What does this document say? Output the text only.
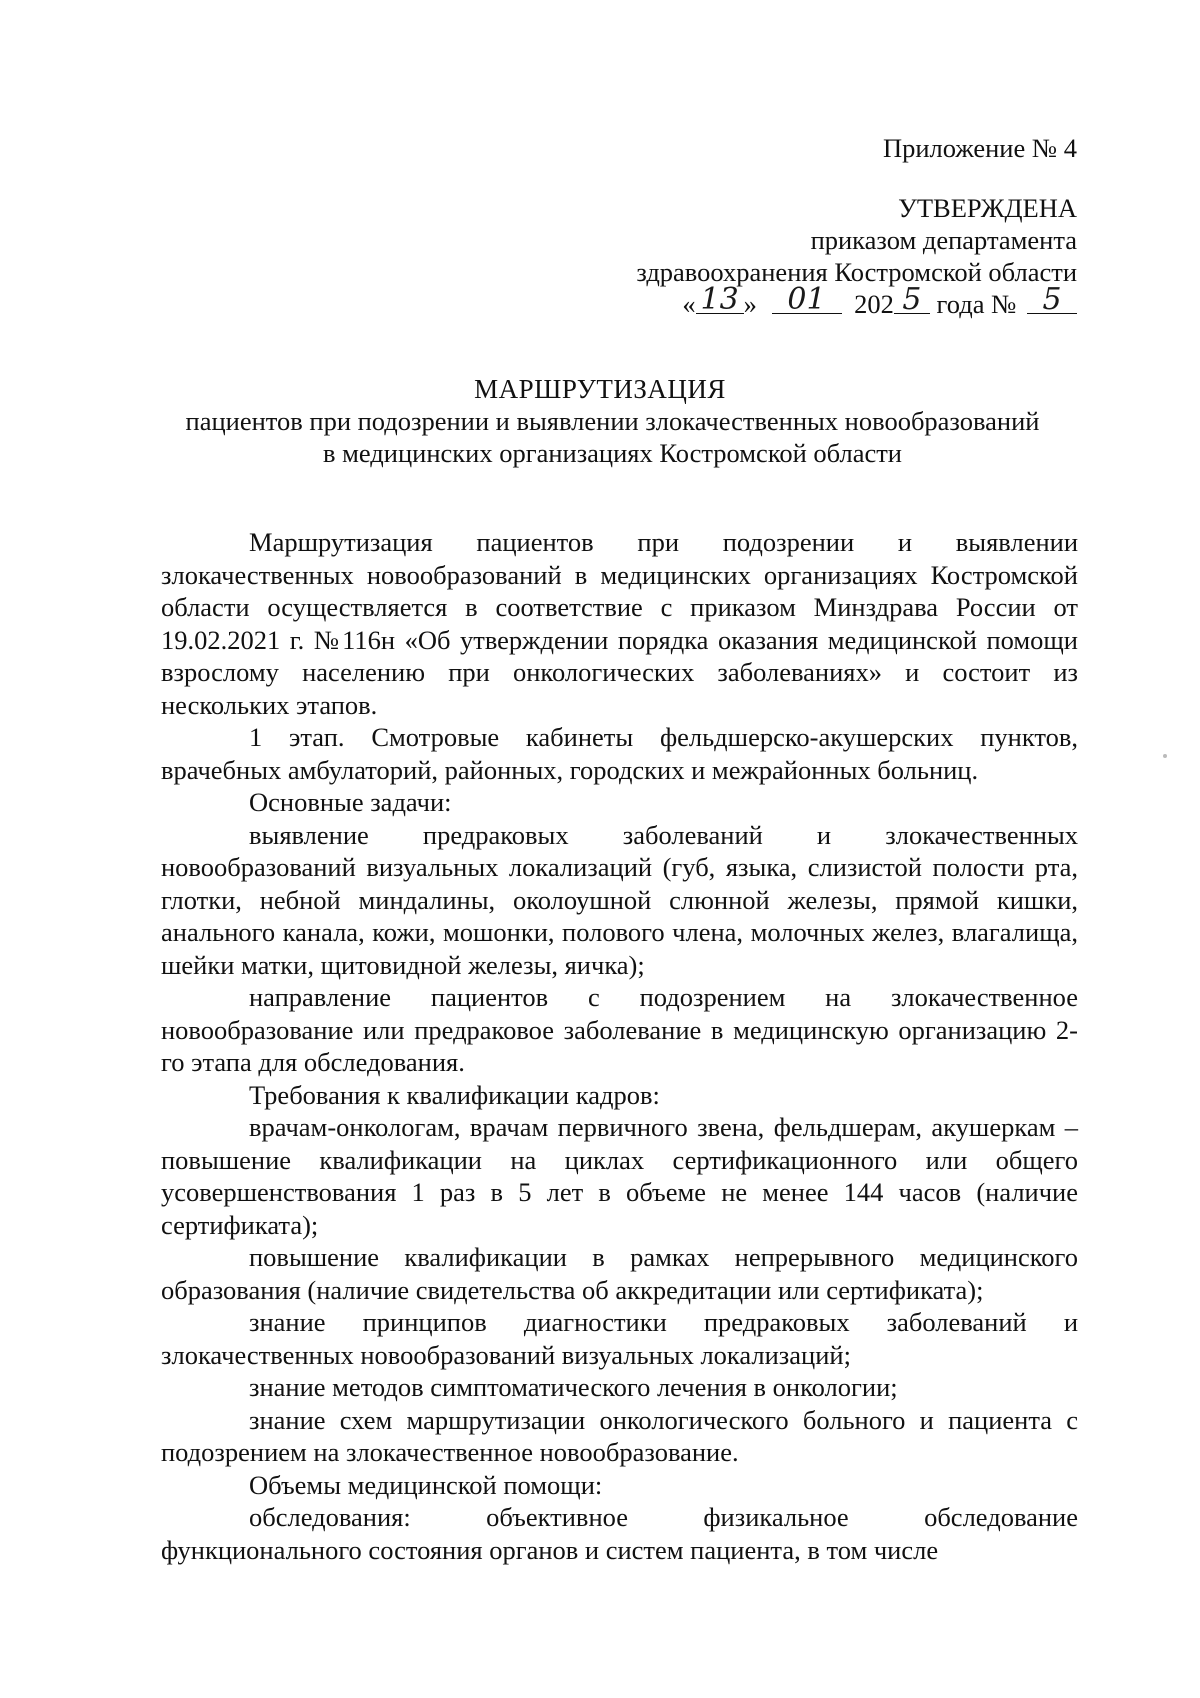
Приложение № 4
УТВЕРЖДЕНА
приказом департамента
здравоохранения Костромской области
« 13 » 01 202 5 года № 5
МАРШРУТИЗАЦИЯ
пациентов при подозрении и выявлении злокачественных новообразований
в медицинских организациях Костромской области

Маршрутизация пациентов при подозрении и выявлении злокачественных новообразований в медицинских организациях Костромской области осуществляется в соответствие с приказом Минздрава России от 19.02.2021 г. №116н «Об утверждении порядка оказания медицинской помощи взрослому населению при онкологических заболеваниях» и состоит из нескольких этапов.

1 этап. Смотровые кабинеты фельдшерско-акушерских пунктов, врачебных амбулаторий, районных, городских и межрайонных больниц.

Основные задачи:

выявление предраковых заболеваний и злокачественных новообразований визуальных локализаций (губ, языка, слизистой полости рта, глотки, небной миндалины, околоушной слюнной железы, прямой кишки, анального канала, кожи, мошонки, полового члена, молочных желез, влагалища, шейки матки, щитовидной железы, яичка);

направление пациентов с подозрением на злокачественное новообразование или предраковое заболевание в медицинскую организацию 2-го этапа для обследования.

Требования к квалификации кадров:

врачам-онкологам, врачам первичного звена, фельдшерам, акушеркам – повышение квалификации на циклах сертификационного или общего усовершенствования 1 раз в 5 лет в объеме не менее 144 часов (наличие сертификата);

повышение квалификации в рамках непрерывного медицинского образования (наличие свидетельства об аккредитации или сертификата);

знание принципов диагностики предраковых заболеваний и злокачественных новообразований визуальных локализаций;

знание методов симптоматического лечения в онкологии;

знание схем маршрутизации онкологического больного и пациента с подозрением на злокачественное новообразование.

Объемы медицинской помощи:

обследования: объективное физикальное обследование функционального состояния органов и систем пациента, в том числе
